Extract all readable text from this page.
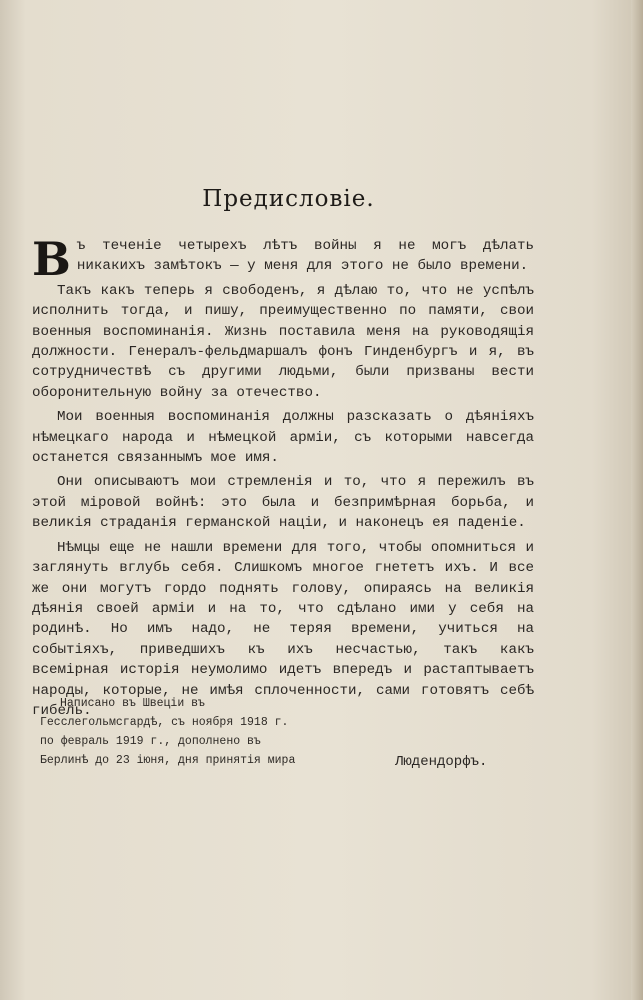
Предисловіе.

Въ теченіе четырехъ лѣтъ войны я не могъ дѣлать никакихъ замѣтокъ — у меня для этого не было времени.

Такъ какъ теперь я свободенъ, я дѣлаю то, что не успѣлъ исполнить тогда, и пишу, преимущественно по памяти, свои военныя воспоминанія. Жизнь поставила меня на руководящія должности. Генералъ-фельдмаршалъ фонъ Гинденбургъ и я, въ сотрудничествѣ съ другими людьми, были призваны вести оборонительную войну за отечество.

Мои военныя воспоминанія должны разсказать о дѣяніяхъ нѣмецкаго народа и нѣмецкой арміи, съ которыми навсегда останется связаннымъ мое имя.

Они описываютъ мои стремленія и то, что я пережилъ въ этой міровой войнѣ: это была и безпримѣрная борьба, и великія страданія германской націи, и наконецъ ея паденіе.

Нѣмцы еще не нашли времени для того, чтобы опомниться и заглянуть вглубь себя. Слишкомъ многое гнететъ ихъ. И все же они могутъ гордо поднять голову, опираясь на великія дѣянія своей арміи и на то, что сдѣлано ими у себя на родинѣ. Но имъ надо, не теряя времени, учиться на событіяхъ, приведшихъ къ ихъ несчастью, такъ какъ всемірная исторія неумолимо идетъ впередъ и растаптываетъ народы, которые, не имѣя сплоченности, сами готовятъ себѣ гибель.

Написано въ Швеціи въ Гесслегольмсгардѣ, съ ноября 1918 г. по февраль 1919 г., дополнено въ Берлинѣ до 23 іюня, дня принятія мира	Людендорфъ.
